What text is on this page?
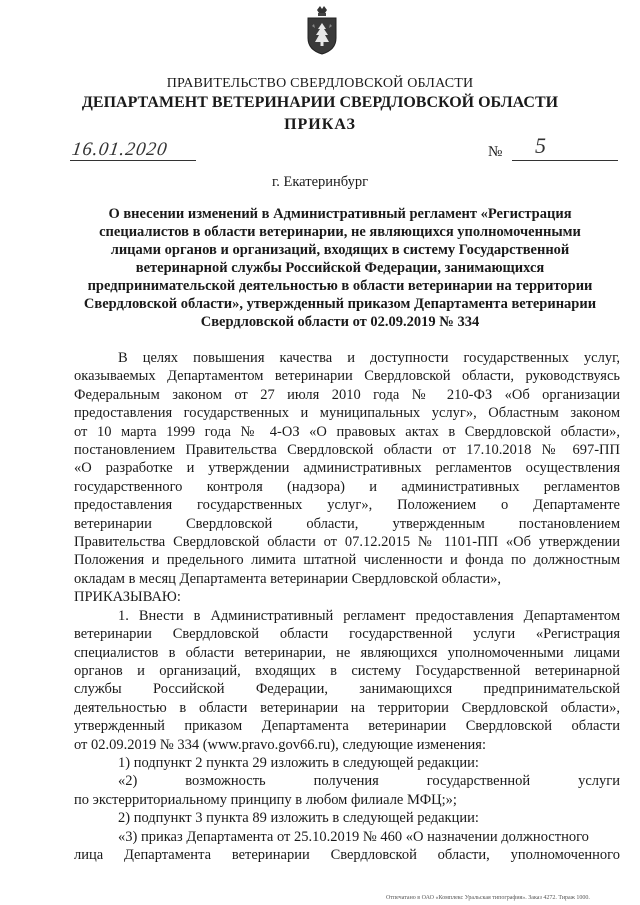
ПРАВИТЕЛЬСТВО СВЕРДЛОВСКОЙ ОБЛАСТИ
ДЕПАРТАМЕНТ ВЕТЕРИНАРИИ СВЕРДЛОВСКОЙ ОБЛАСТИ
ПРИКАЗ
16.01.2020	№ 5
г. Екатеринбург
О внесении изменений в Административный регламент «Регистрация
специалистов в области ветеринарии, не являющихся уполномоченными
лицами органов и организаций, входящих в систему Государственной
ветеринарной службы Российской Федерации, занимающихся
предпринимательской деятельностью в области ветеринарии на территории
Свердловской области», утвержденный приказом Департамента ветеринарии
Свердловской области от 02.09.2019 № 334
В целях повышения качества и доступности государственных услуг,
оказываемых Департаментом ветеринарии Свердловской области, руководствуясь
Федеральным законом от 27 июля 2010 года № 210-ФЗ «Об организации
предоставления государственных и муниципальных услуг», Областным законом
от 10 марта 1999 года № 4-ОЗ «О правовых актах в Свердловской области»,
постановлением Правительства Свердловской области от 17.10.2018 № 697-ПП
«О разработке и утверждении административных регламентов осуществления
государственного контроля (надзора) и административных регламентов
предоставления государственных услуг», Положением о Департаменте
ветеринарии Свердловской области, утвержденным постановлением
Правительства Свердловской области от 07.12.2015 № 1101-ПП «Об утверждении
Положения и предельного лимита штатной численности и фонда по должностным
окладам в месяц Департамента ветеринарии Свердловской области»,
ПРИКАЗЫВАЮ:
1. Внести в Административный регламент предоставления Департаментом
ветеринарии Свердловской области государственной услуги «Регистрация
специалистов в области ветеринарии, не являющихся уполномоченными лицами
органов и организаций, входящих в систему Государственной ветеринарной
службы Российской Федерации, занимающихся предпринимательской
деятельностью в области ветеринарии на территории Свердловской области»,
утвержденный приказом Департамента ветеринарии Свердловской области
от 02.09.2019 № 334 (www.pravo.gov66.ru), следующие изменения:
1) подпункт 2 пункта 29 изложить в следующей редакции:
«2) возможность получения государственной услуги
по экстерриториальному принципу в любом филиале МФЦ;»;
2) подпункт 3 пункта 89 изложить в следующей редакции:
«3) приказ Департамента от 25.10.2019 № 460 «О назначении должностного
лица Департамента ветеринарии Свердловской области, уполномоченного
Отпечатано в ОАО «Комплекс Уральская типография». Заказ 4272. Тираж 1000.
